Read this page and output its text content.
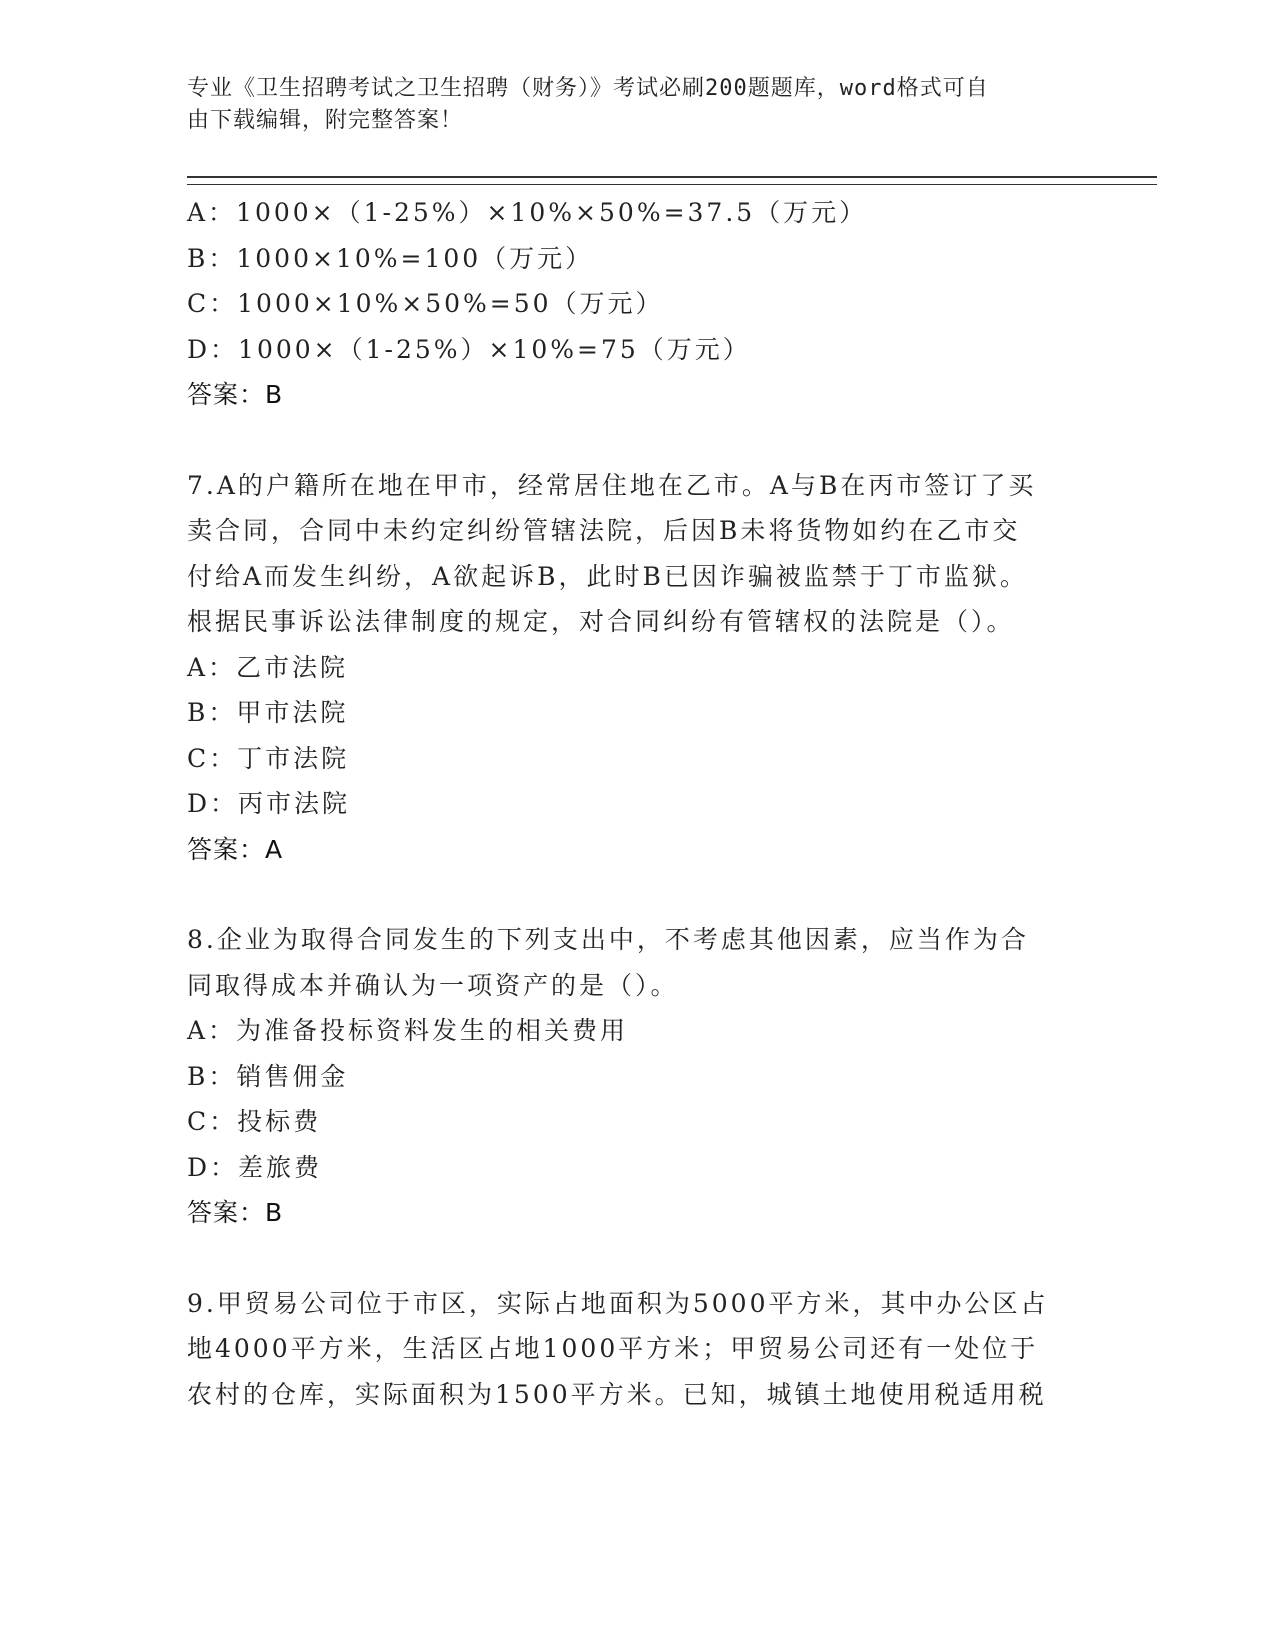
专业《卫生招聘考试之卫生招聘（财务）》考试必刷200题题库，word格式可自
由下载编辑，附完整答案！
A：1000×（1-25%）×10%×50%=37.5（万元）
B：1000×10%=100（万元）
C：1000×10%×50%=50（万元）
D：1000×（1-25%）×10%=75（万元）
答案：B
7.A的户籍所在地在甲市，经常居住地在乙市。A与B在丙市签订了买
卖合同，合同中未约定纠纷管辖法院，后因B未将货物如约在乙市交
付给A而发生纠纷，A欲起诉B，此时B已因诈骗被监禁于丁市监狱。
根据民事诉讼法律制度的规定，对合同纠纷有管辖权的法院是（）。
A：乙市法院
B：甲市法院
C：丁市法院
D：丙市法院
答案：A
8.企业为取得合同发生的下列支出中，不考虑其他因素，应当作为合
同取得成本并确认为一项资产的是（）。
A：为准备投标资料发生的相关费用
B：销售佣金
C：投标费
D：差旅费
答案：B
9.甲贸易公司位于市区，实际占地面积为5000平方米，其中办公区占
地4000平方米，生活区占地1000平方米；甲贸易公司还有一处位于
农村的仓库，实际面积为1500平方米。已知，城镇土地使用税适用税
